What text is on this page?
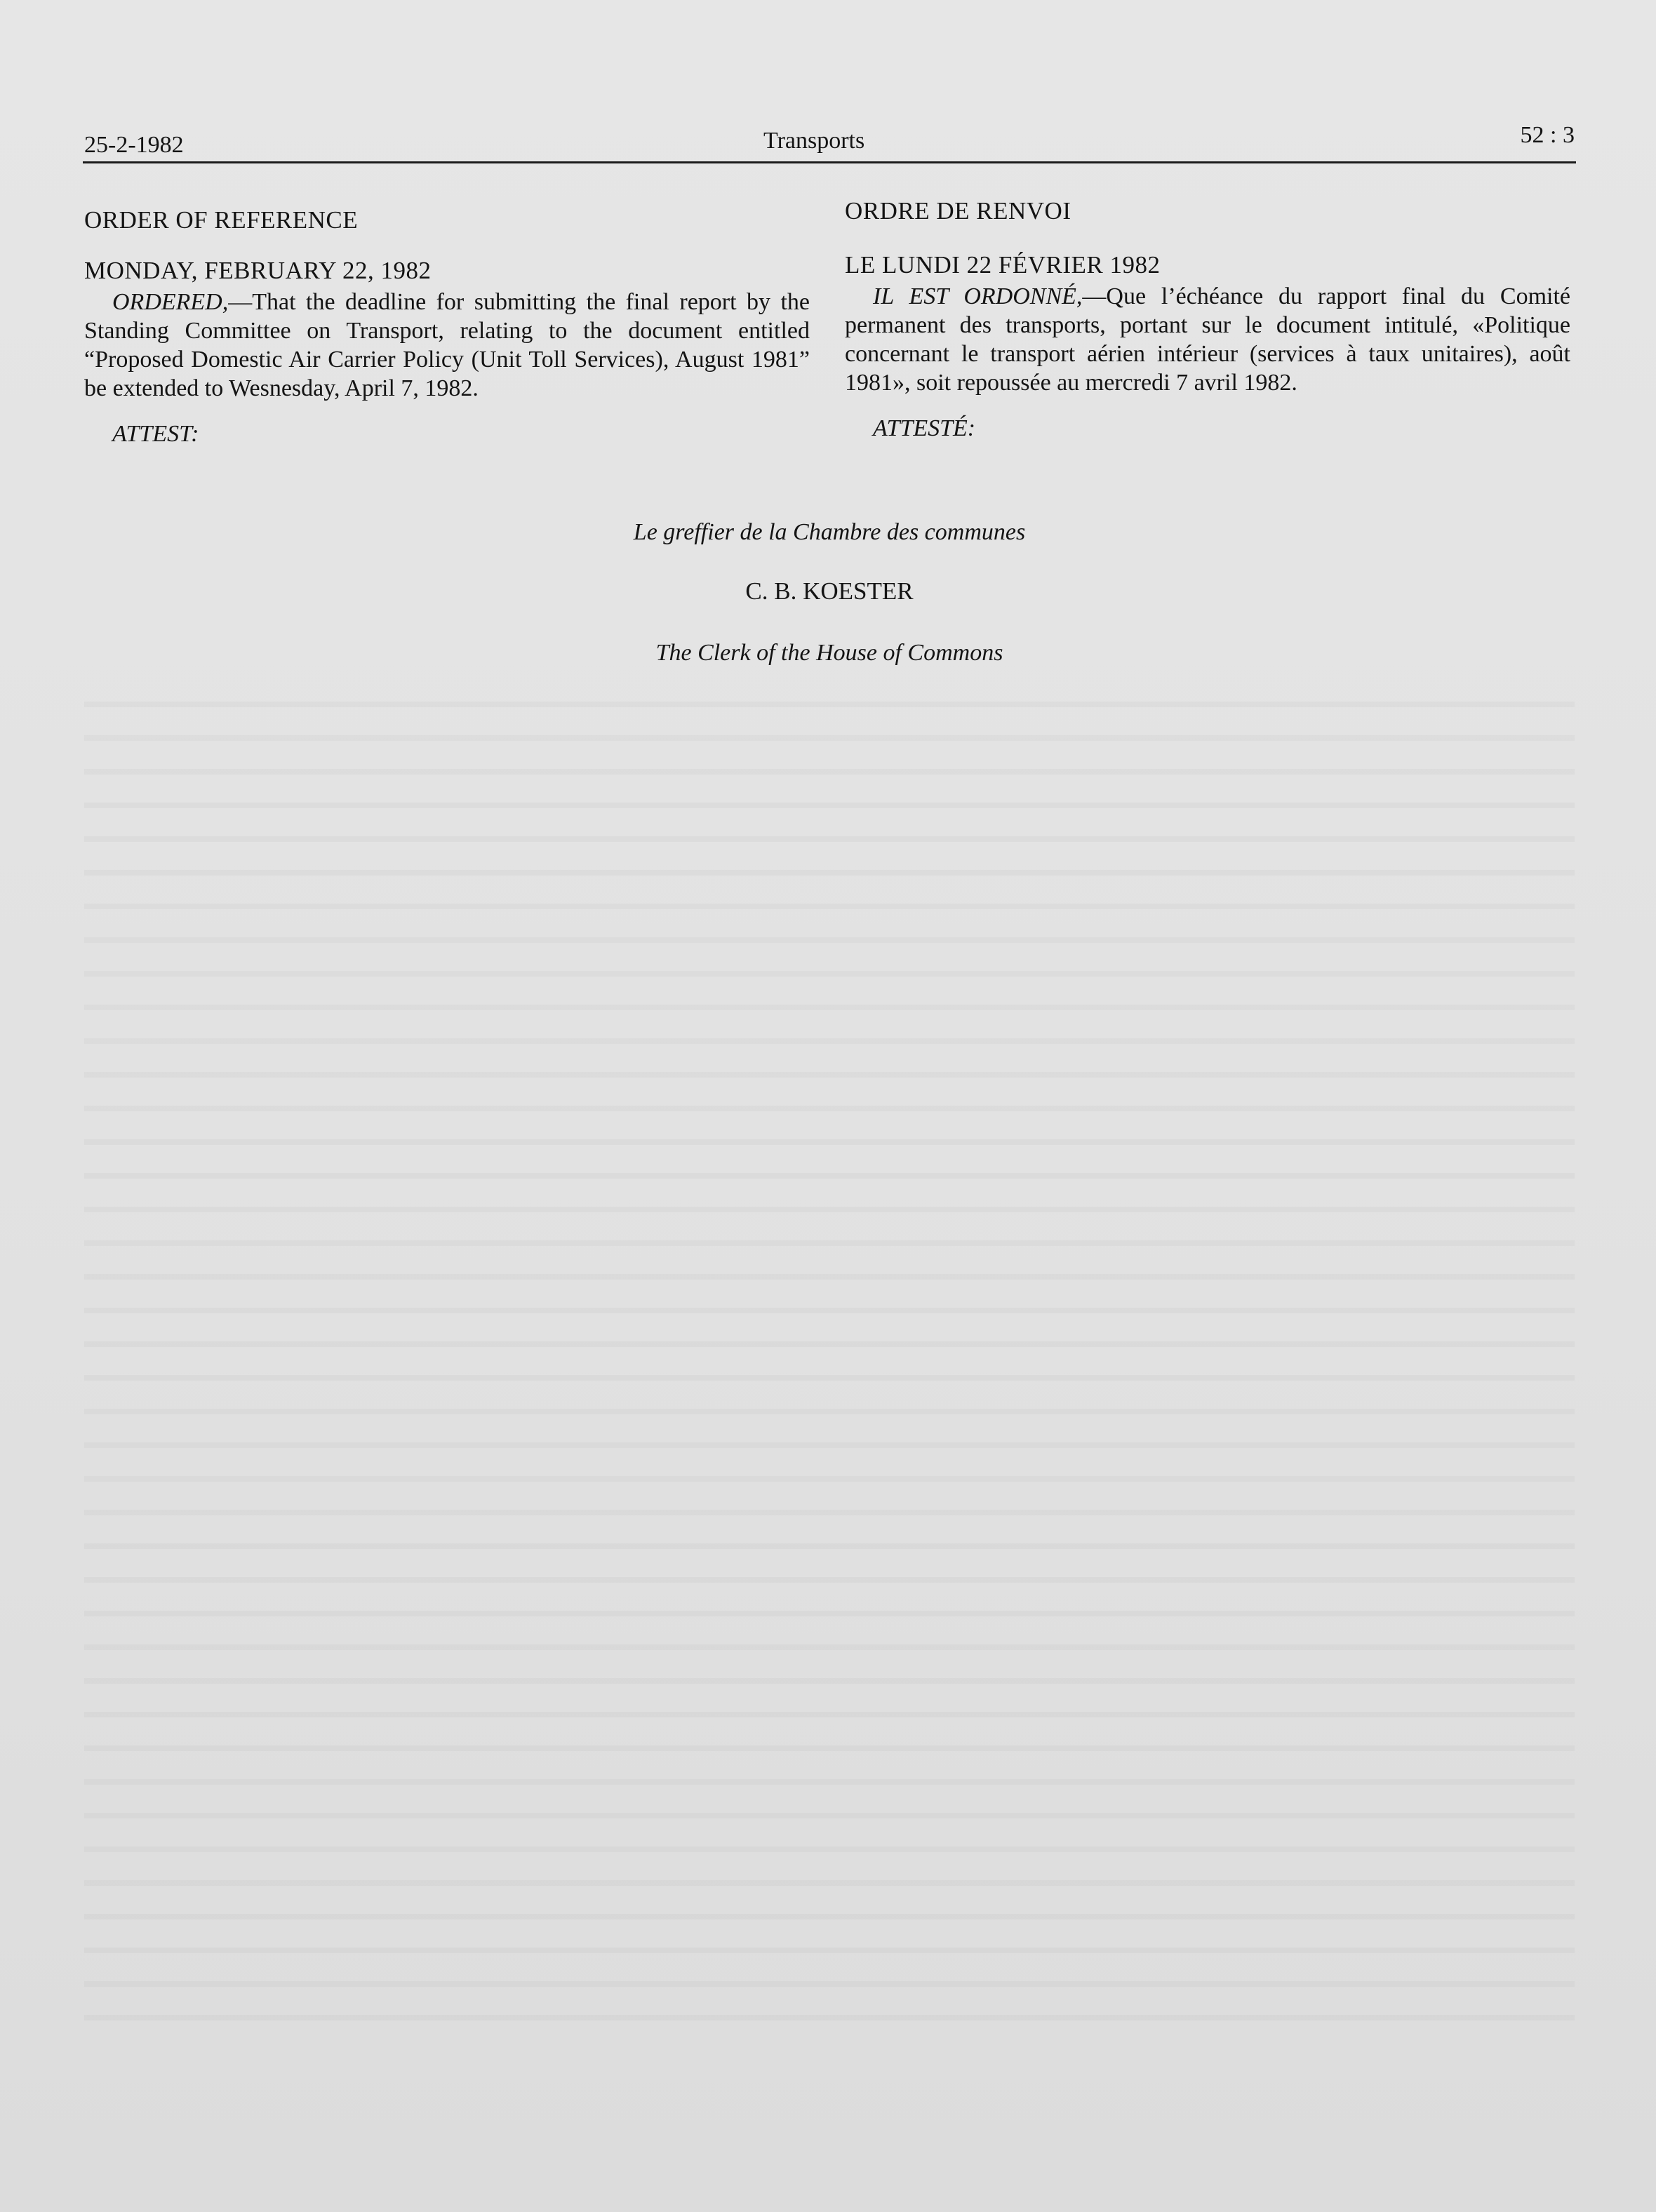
25-2-1982	Transports	52 : 3

ORDER OF REFERENCE

MONDAY, FEBRUARY 22, 1982

ORDERED,—That the deadline for submitting the final report by the Standing Committee on Transport, relating to the document entitled “Proposed Domestic Air Carrier Policy (Unit Toll Services), August 1981” be extended to Wesnesday, April 7, 1982.

ATTEST:

ORDRE DE RENVOI

LE LUNDI 22 FÉVRIER 1982

IL EST ORDONNÉ,—Que l’échéance du rapport final du Comité permanent des transports, portant sur le document intitulé, «Politique concernant le transport aérien intérieur (services à taux unitaires), août 1981», soit repoussée au mercredi 7 avril 1982.

ATTESTÉ:

Le greffier de la Chambre des communes
C. B. KOESTER
The Clerk of the House of Commons
